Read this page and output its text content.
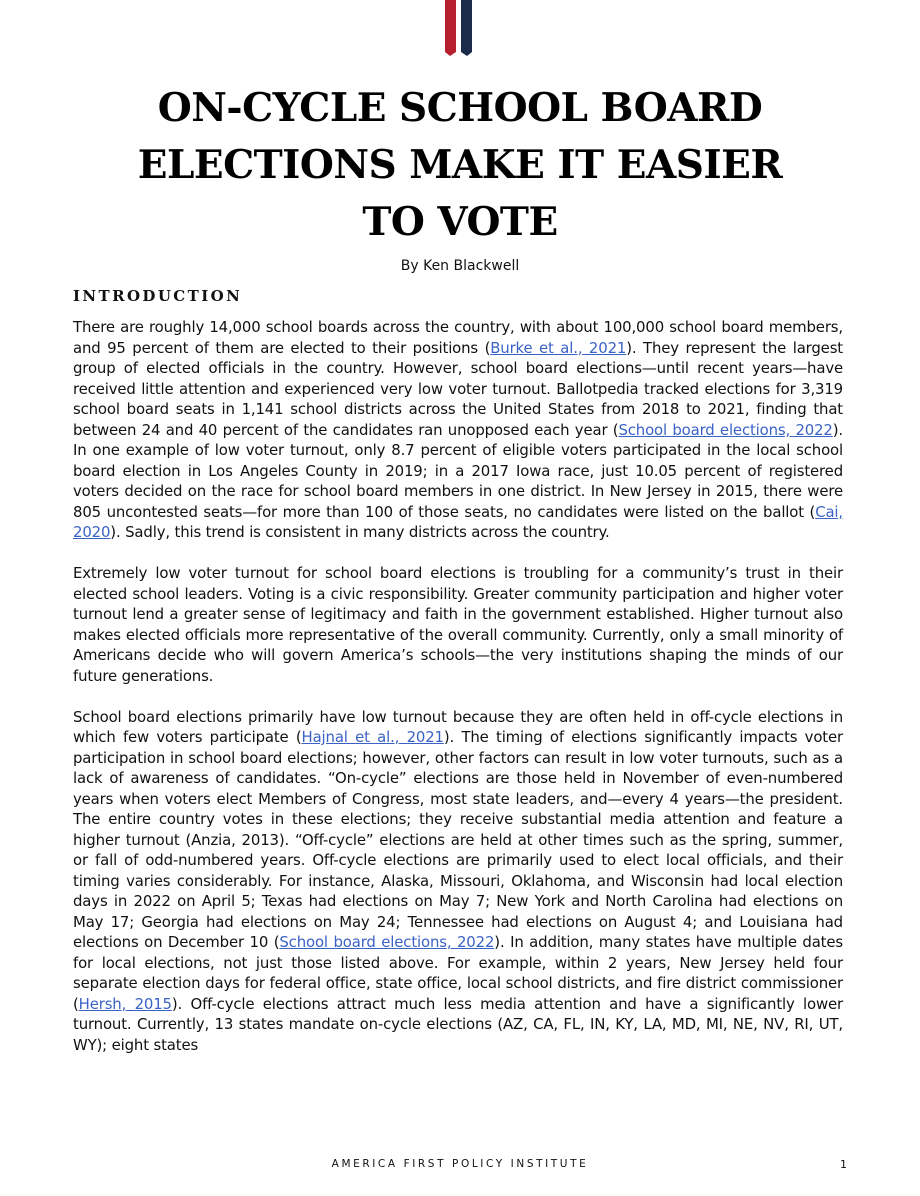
ON-CYCLE SCHOOL BOARD
ELECTIONS MAKE IT EASIER
TO VOTE
By Ken Blackwell
INTRODUCTION

There are roughly 14,000 school boards across the country, with about 100,000 school board members, and 95 percent of them are elected to their positions (Burke et al., 2021). They represent the largest group of elected officials in the country. However, school board elections—until recent years—have received little attention and experienced very low voter turnout. Ballotpedia tracked elections for 3,319 school board seats in 1,141 school districts across the United States from 2018 to 2021, finding that between 24 and 40 percent of the candidates ran unopposed each year (School board elections, 2022). In one example of low voter turnout, only 8.7 percent of eligible voters participated in the local school board election in Los Angeles County in 2019; in a 2017 Iowa race, just 10.05 percent of registered voters decided on the race for school board members in one district. In New Jersey in 2015, there were 805 uncontested seats—for more than 100 of those seats, no candidates were listed on the ballot (Cai, 2020). Sadly, this trend is consistent in many districts across the country.

Extremely low voter turnout for school board elections is troubling for a community’s trust in their elected school leaders. Voting is a civic responsibility. Greater community participation and higher voter turnout lend a greater sense of legitimacy and faith in the government established. Higher turnout also makes elected officials more representative of the overall community. Currently, only a small minority of Americans decide who will govern America’s schools—the very institutions shaping the minds of our future generations.

School board elections primarily have low turnout because they are often held in off-cycle elections in which few voters participate (Hajnal et al., 2021). The timing of elections significantly impacts voter participation in school board elections; however, other factors can result in low voter turnouts, such as a lack of awareness of candidates. “On-cycle” elections are those held in November of even-numbered years when voters elect Members of Congress, most state leaders, and—every 4 years—the president. The entire country votes in these elections; they receive substantial media attention and feature a higher turnout (Anzia, 2013). “Off-cycle” elections are held at other times such as the spring, summer, or fall of odd-numbered years. Off-cycle elections are primarily used to elect local officials, and their timing varies considerably. For instance, Alaska, Missouri, Oklahoma, and Wisconsin had local election days in 2022 on April 5; Texas had elections on May 7; New York and North Carolina had elections on May 17; Georgia had elections on May 24; Tennessee had elections on August 4; and Louisiana had elections on December 10 (School board elections, 2022). In addition, many states have multiple dates for local elections, not just those listed above. For example, within 2 years, New Jersey held four separate election days for federal office, state office, local school districts, and fire district commissioner (Hersh, 2015). Off-cycle elections attract much less media attention and have a significantly lower turnout. Currently, 13 states mandate on-cycle elections (AZ, CA, FL, IN, KY, LA, MD, MI, NE, NV, RI, UT, WY); eight states

AMERICA FIRST POLICY INSTITUTE	1
